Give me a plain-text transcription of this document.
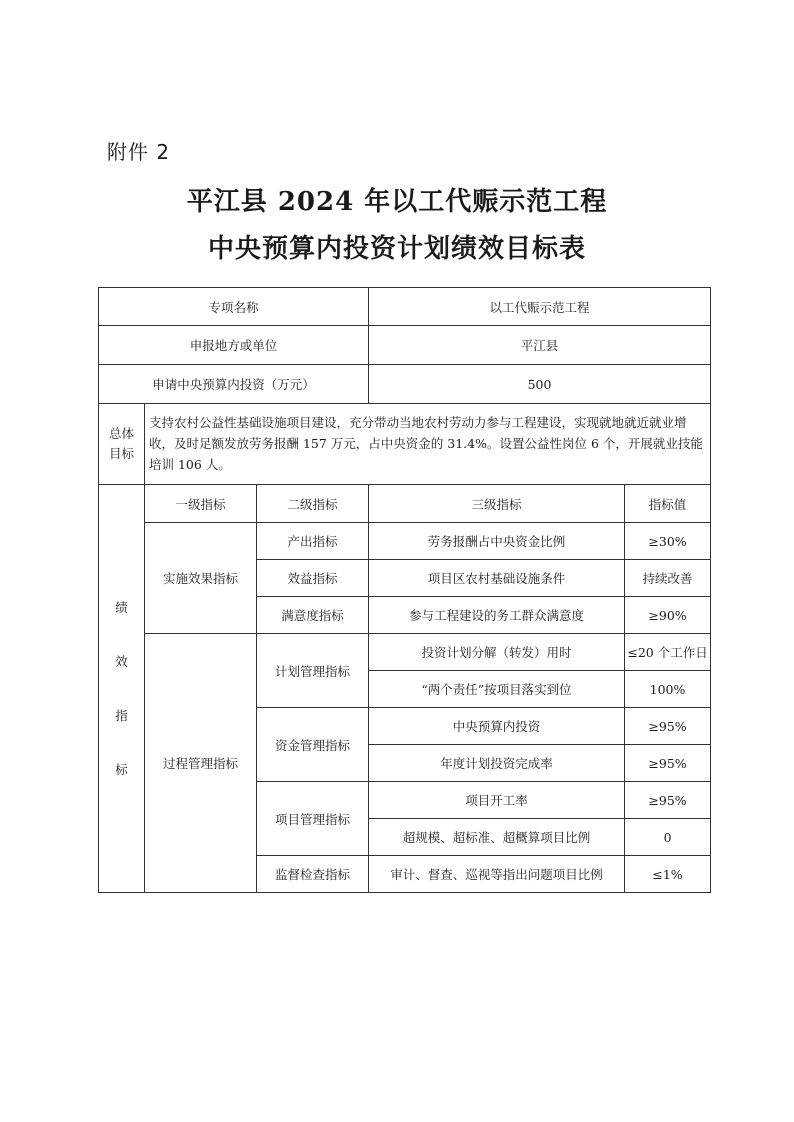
附件 2
平江县 2024 年以工代赈示范工程
中央预算内投资计划绩效目标表
专项名称			以工代赈示范工程	
申报地方或单位			平江县	
申请中央预算内投资（万元）			500	

总体目标	支持农村公益性基础设施项目建设，充分带动当地农村劳动力参与工程建设，实现就地就近就业增收，及时足额发放劳务报酬 157 万元，占中央资金的 31.4%。设置公益性岗位 6 个，开展就业技能培训 106 人。			

绩效指标	一级指标	二级指标	三级指标	指标值
	实施效果指标	产出指标	劳务报酬占中央资金比例	≥30%
		效益指标	项目区农村基础设施条件	持续改善
		满意度指标	参与工程建设的务工群众满意度	≥90%
	过程管理指标	计划管理指标	投资计划分解（转发）用时	≤20 个工作日
			“两个责任”按项目落实到位	100%
		资金管理指标	中央预算内投资	≥95%
			年度计划投资完成率	≥95%
		项目管理指标	项目开工率	≥95%
			超规模、超标准、超概算项目比例	0
		监督检查指标	审计、督查、巡视等指出问题项目比例	≤1%
